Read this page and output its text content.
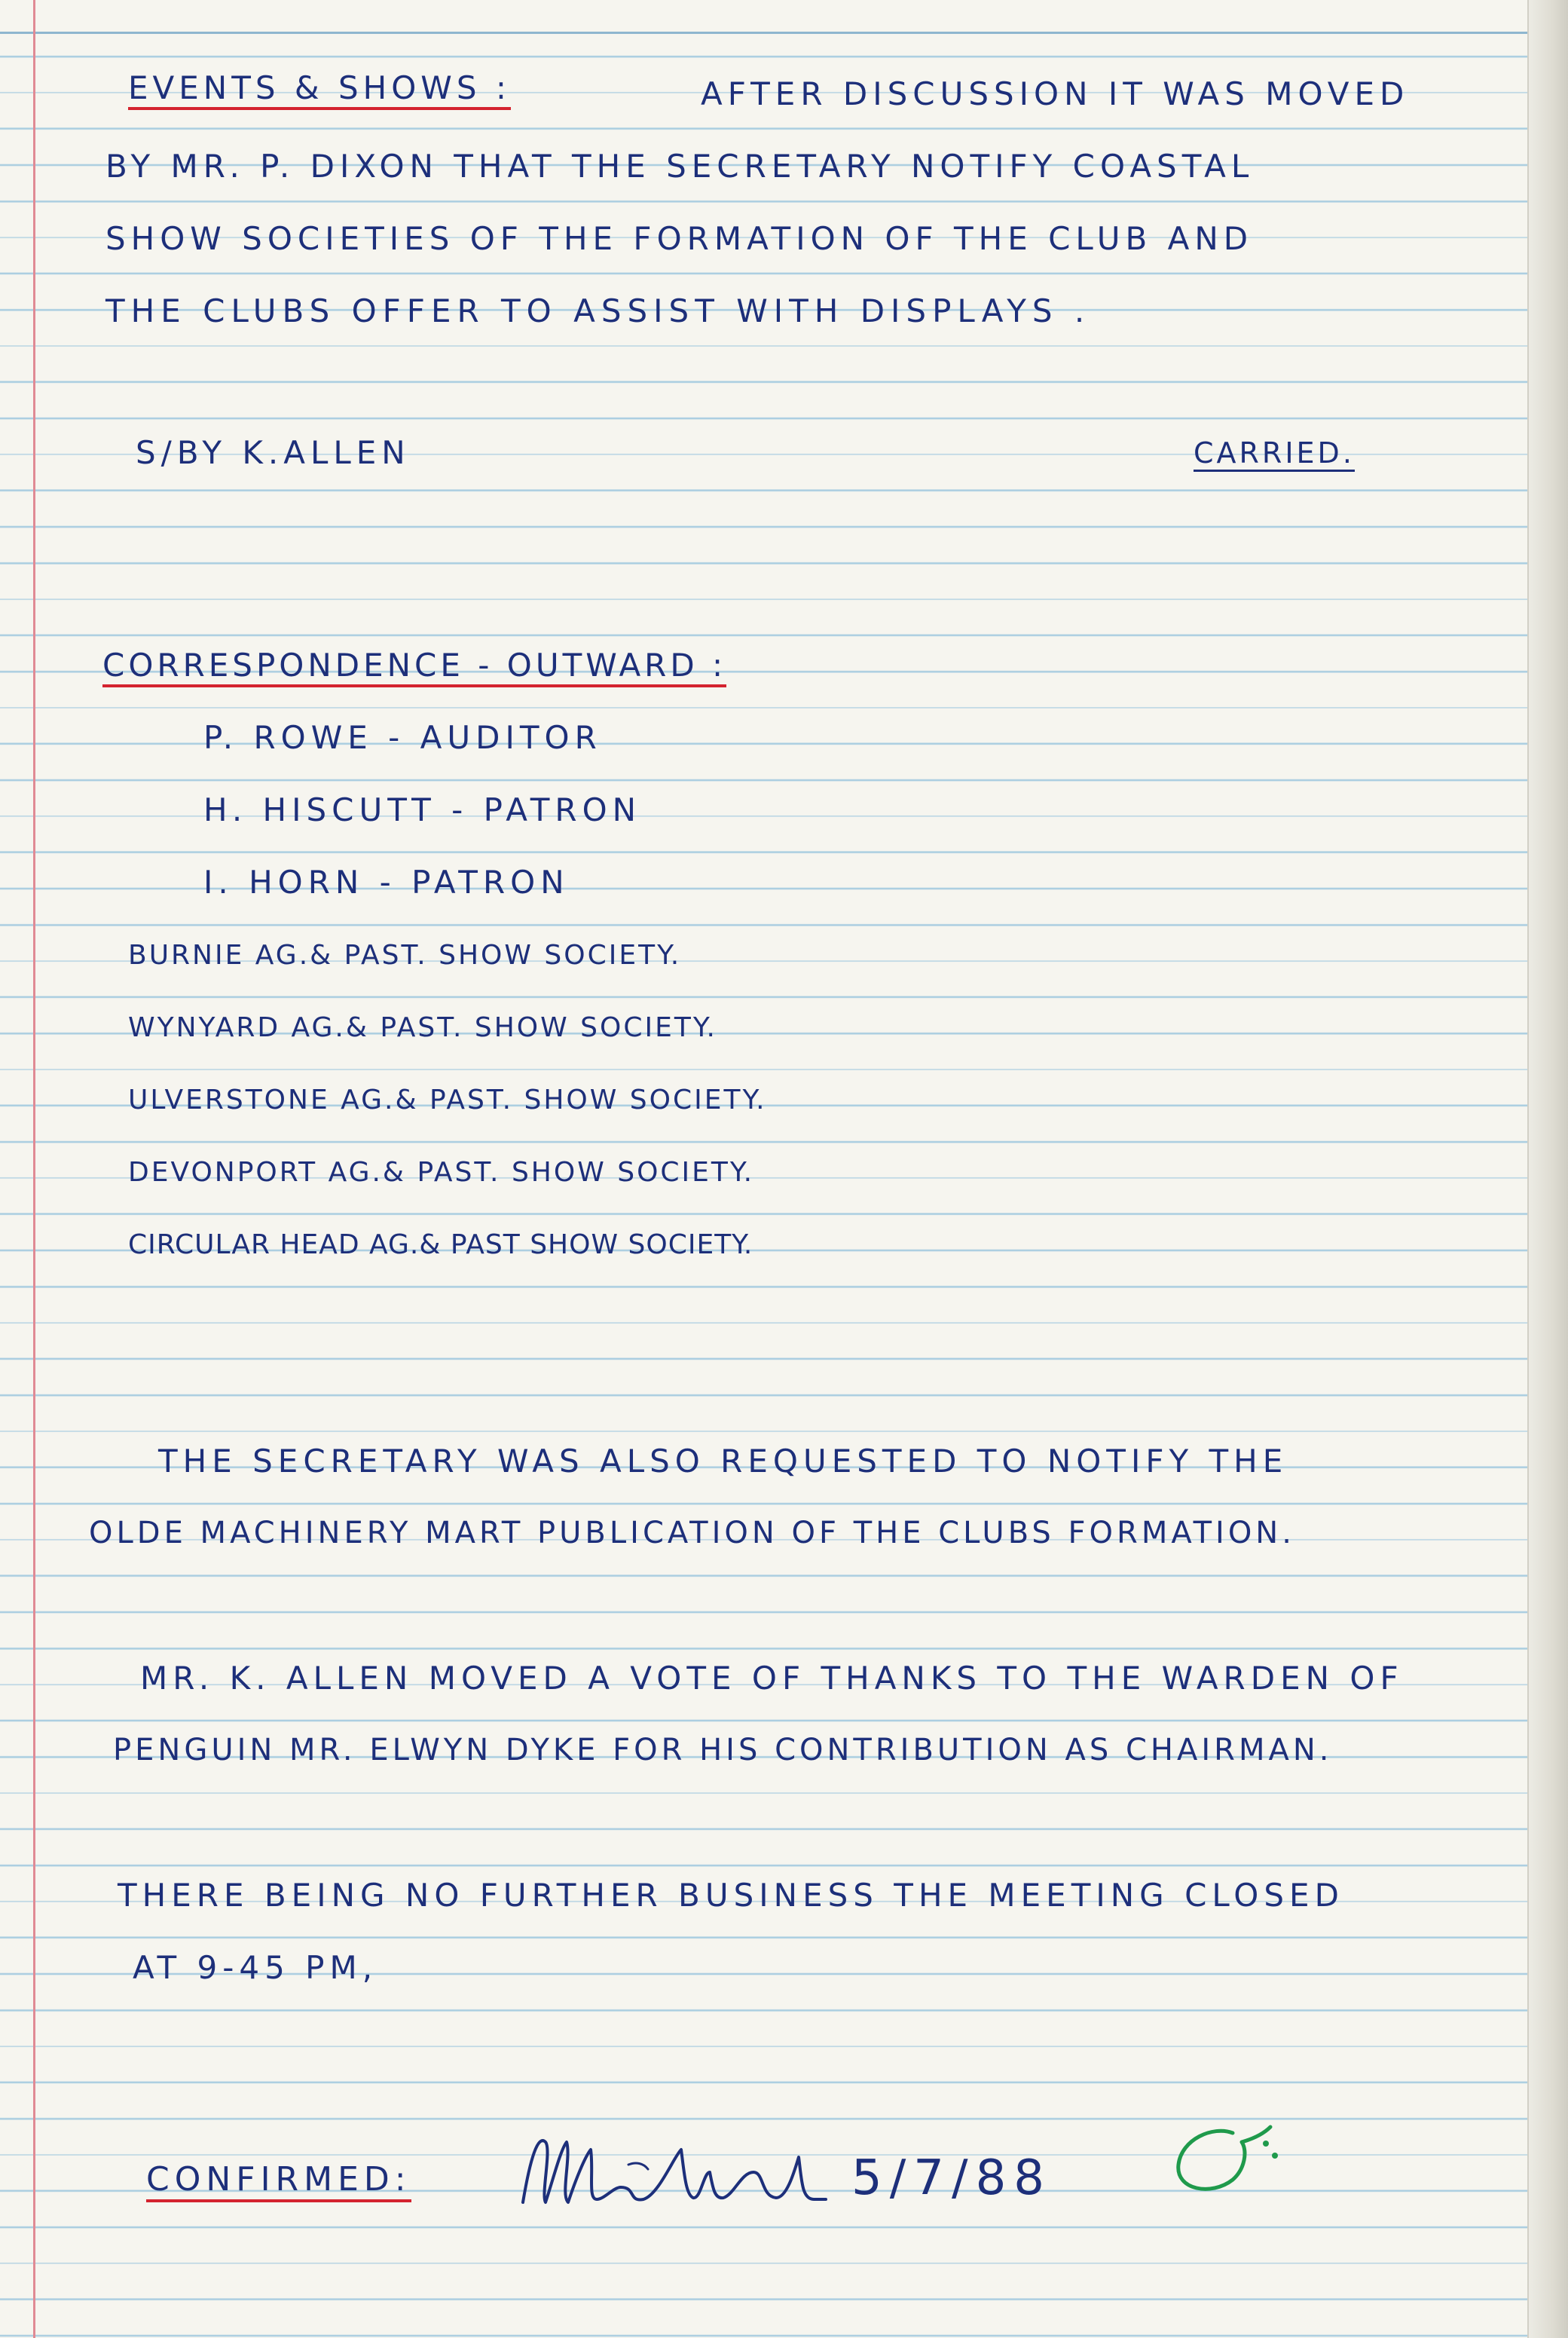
EVENTS & SHOWS :	AFTER DISCUSSION IT WAS MOVED

BY MR. P. DIXON THAT THE SECRETARY NOTIFY COASTAL

SHOW SOCIETIES OF THE FORMATION OF THE CLUB AND

THE CLUBS OFFER TO ASSIST WITH DISPLAYS .

S/BY K.ALLEN	CARRIED.

CORRESPONDENCE - OUTWARD :

P. ROWE - AUDITOR

H. HISCUTT - PATRON

I. HORN - PATRON

BURNIE AG.& PAST. SHOW SOCIETY.

WYNYARD AG.& PAST. SHOW SOCIETY.

ULVERSTONE AG.& PAST. SHOW SOCIETY.

DEVONPORT AG.& PAST. SHOW SOCIETY.

CIRCULAR HEAD AG.& PAST SHOW SOCIETY.

THE SECRETARY WAS ALSO REQUESTED TO NOTIFY THE

OLDE MACHINERY MART PUBLICATION OF THE CLUBS FORMATION.

MR. K. ALLEN MOVED A VOTE OF THANKS TO THE WARDEN OF

PENGUIN MR. ELWYN DYKE FOR HIS CONTRIBUTION AS CHAIRMAN.

THERE BEING NO FURTHER BUSINESS THE MEETING CLOSED

AT 9-45 PM,

CONFIRMED:	5/7/88
